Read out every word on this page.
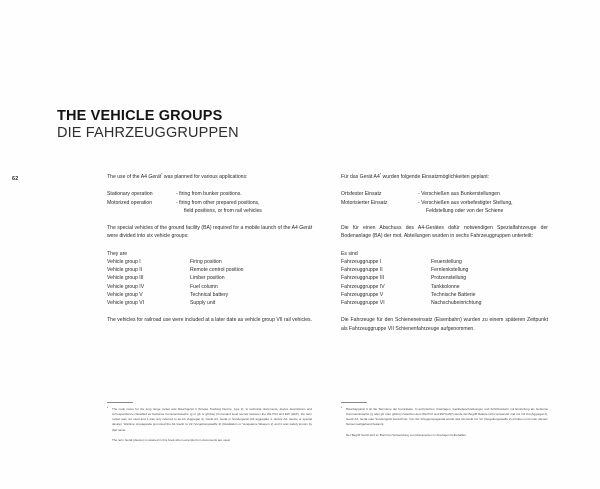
62
THE VEHICLE GROUPS
DIE FAHRZEUGGRUPPEN

The use of the A4 Gerät* was planned for various applications:

Stationary operation	- firing from bunker positions.
Motorized operation	- firing from other prepared positions,
field positions, or from rail vehicles

The special vehicles of the ground facility (BA) required for a mobile launch of the A4 Gerät were divided into six vehicle groups:

They are
Vehicle group I	Firing position
Vehicle group II	Remote control position
Vehicle group III	Limber position
Vehicle group IV	Fuel column
Vehicle group V	Technical battery
Vehicle group VI	Supply unit

The vehicles for railroad use were included at a later date as vehicle group VII rail vehicles.

Für das Gerät A4* wurden folgende Einsatzmöglichkeiten geplant:

Ortsfester Einsatz	- Verschießen aus Bunkerstellungen
Motorisierter Einsatz	- Verschießen aus vorbefestigter Stellung,
Feldstellung oder von der Schiene

Die für einen Abschuss des A4-Gerätes dafür notwendigen Spezialfahrzeuge der Bodenanlage (BA) der mot. Abteilungen wurden in sechs Fahrzeuggruppen unterteilt:

Es sind
Fahrzeuggruppe I	Feuerstellung
Fahrzeuggruppe II	Fernlenkstellung
Fahrzeuggruppe III	Protzenstellung
Fahrzeuggruppe IV	Tankkolonne
Fahrzeuggruppe V	Technische Batterie
Fahrzeuggruppe VI	Nachschubeinrichtung

Die Fahrzeuge für den Schieneneinsatz (Eisenbahn) wurden zu einem späteren Zeitpunkt als Fahrzeuggruppe VII Schienenfahrzeuge aufgenommen.

* The code name for the long range rocket was Räuchgerät II (Smoke Tracking Device, type 2). In technical documents, device descriptions and correspondence classified as Geheime Kommandosache (g or gK or gKdos) (Command level secret) between the Wa Prüf and EW (HAP), the term rocket was not used and it was only referred to as A4 (Aggregat 4), Gerät A4, Gerät or Sondergerät (A4 aggregate 4, device A4, device or special device). Wartime propaganda promoted the A4 Gerät to V2 (Vergeltungswaffe 2) (Retaliation or Vengeance Weapon 2) and it was widely known by that name.

The term Gerät (device) is retained in this book when excerpts from documents are used.

* Räuchapparat II ist die Tarnname der Fernrakete. In technischen Unterlagen, Gerätebeschreibungen und Schriftverkehr mit Einstufung als Geheime Kommandosache (g oder gK oder gKdos) zwischen dem Wa Prüf und EW (HAP) wurde der Begriff Rakete nicht verwendet und nur mit A4 (Aggregat 4), Gerät A4, Gerät oder Sondergerät bezeichnet. Von der Kriegspropaganda wurde das A4-Gerät zur V2 (Vergeltungswaffe 2) erhoben und unter diesem Namen weltgehend bekannt.

Der Begriff Gerät wird im Buch bei Verwendung von Dokumenten in Auszügen beibehalten.
